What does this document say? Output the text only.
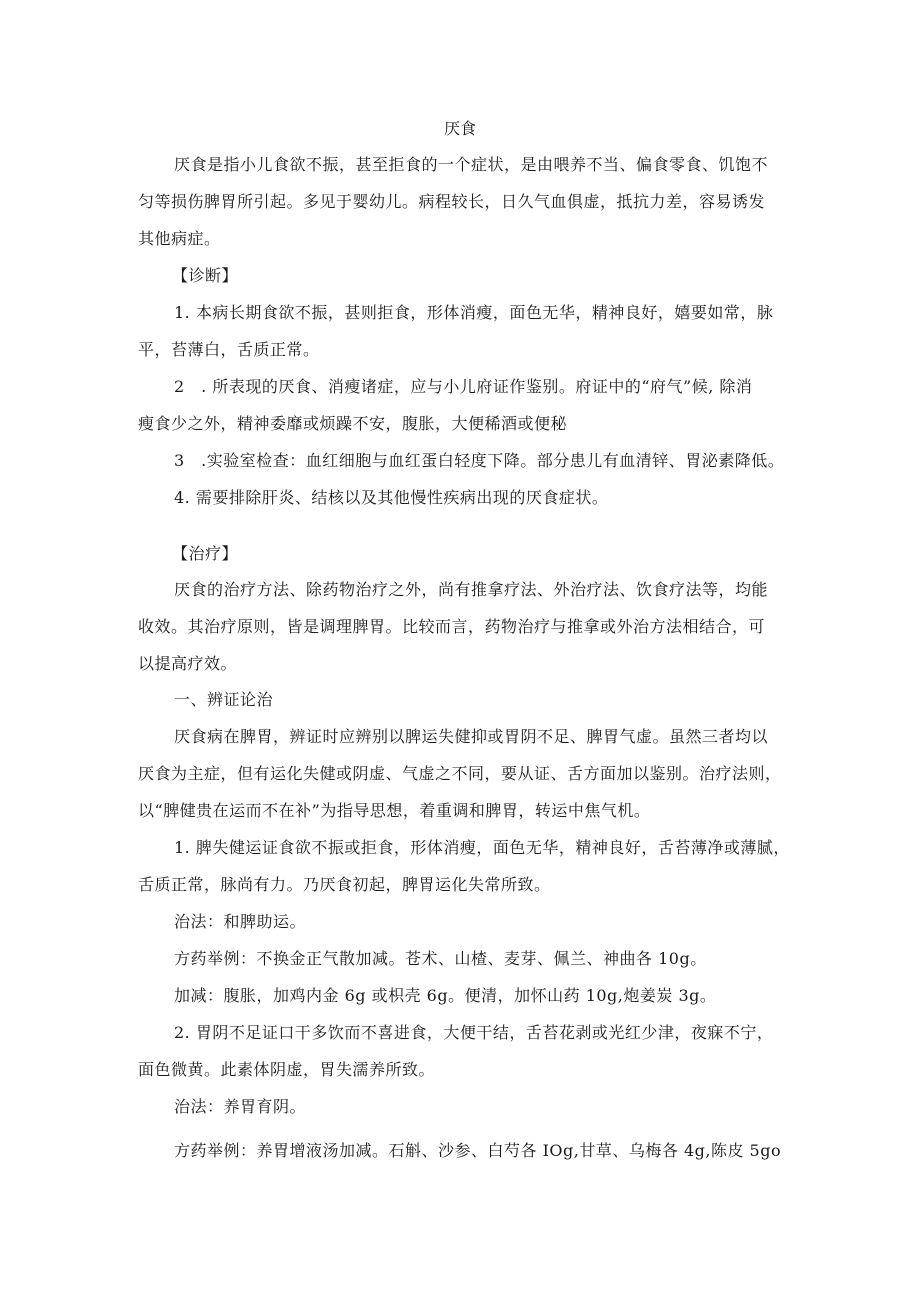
厌食
厌食是指小儿食欲不振，甚至拒食的一个症状，是由喂养不当、偏食零食、饥饱不
匀等损伤脾胃所引起。多见于婴幼儿。病程较长，日久气血俱虚，抵抗力差，容易诱发
其他病症。
【诊断】
1. 本病长期食欲不振，甚则拒食，形体消瘦，面色无华，精神良好，嬉要如常，脉
平，苔薄白，舌质正常。
2　. 所表现的厌食、消瘦诸症，应与小儿府证作鉴别。府证中的“府气”候, 除消
瘦食少之外，精神委靡或烦躁不安，腹胀，大便稀酒或便秘
3　.实验室检查：血红细胞与血红蛋白轻度下降。部分患儿有血清锌、胃泌素降低。
4. 需要排除肝炎、结核以及其他慢性疾病出现的厌食症状。
【治疗】
厌食的治疗方法、除药物治疗之外，尚有推拿疗法、外治疗法、饮食疗法等，均能
收效。其治疗原则，皆是调理脾胃。比较而言，药物治疗与推拿或外治方法相结合，可
以提高疗效。
一、辨证论治
厌食病在脾胃，辨证时应辨别以脾运失健抑或胃阴不足、脾胃气虚。虽然三者均以
厌食为主症，但有运化失健或阴虚、气虚之不同，要从证、舌方面加以鉴别。治疗法则，
以“脾健贵在运而不在补”为指导思想，着重调和脾胃，转运中焦气机。
1. 脾失健运证食欲不振或拒食，形体消瘦，面色无华，精神良好，舌苔薄净或薄腻，
舌质正常，脉尚有力。乃厌食初起，脾胃运化失常所致。
治法：和脾助运。
方药举例：不换金正气散加减。苍术、山楂、麦芽、佩兰、神曲各 10g。
加减：腹胀，加鸡内金 6g 或枳壳 6g。便清，加怀山药 10g,炮姜炭 3g。
2. 胃阴不足证口干多饮而不喜进食，大便干结，舌苔花剥或光红少津，夜寐不宁，
面色微黄。此素体阴虚，胃失濡养所致。
治法：养胃育阴。
方药举例：养胃增液汤加减。石斛、沙参、白芍各 IOg,甘草、乌梅各 4g,陈皮 5go
